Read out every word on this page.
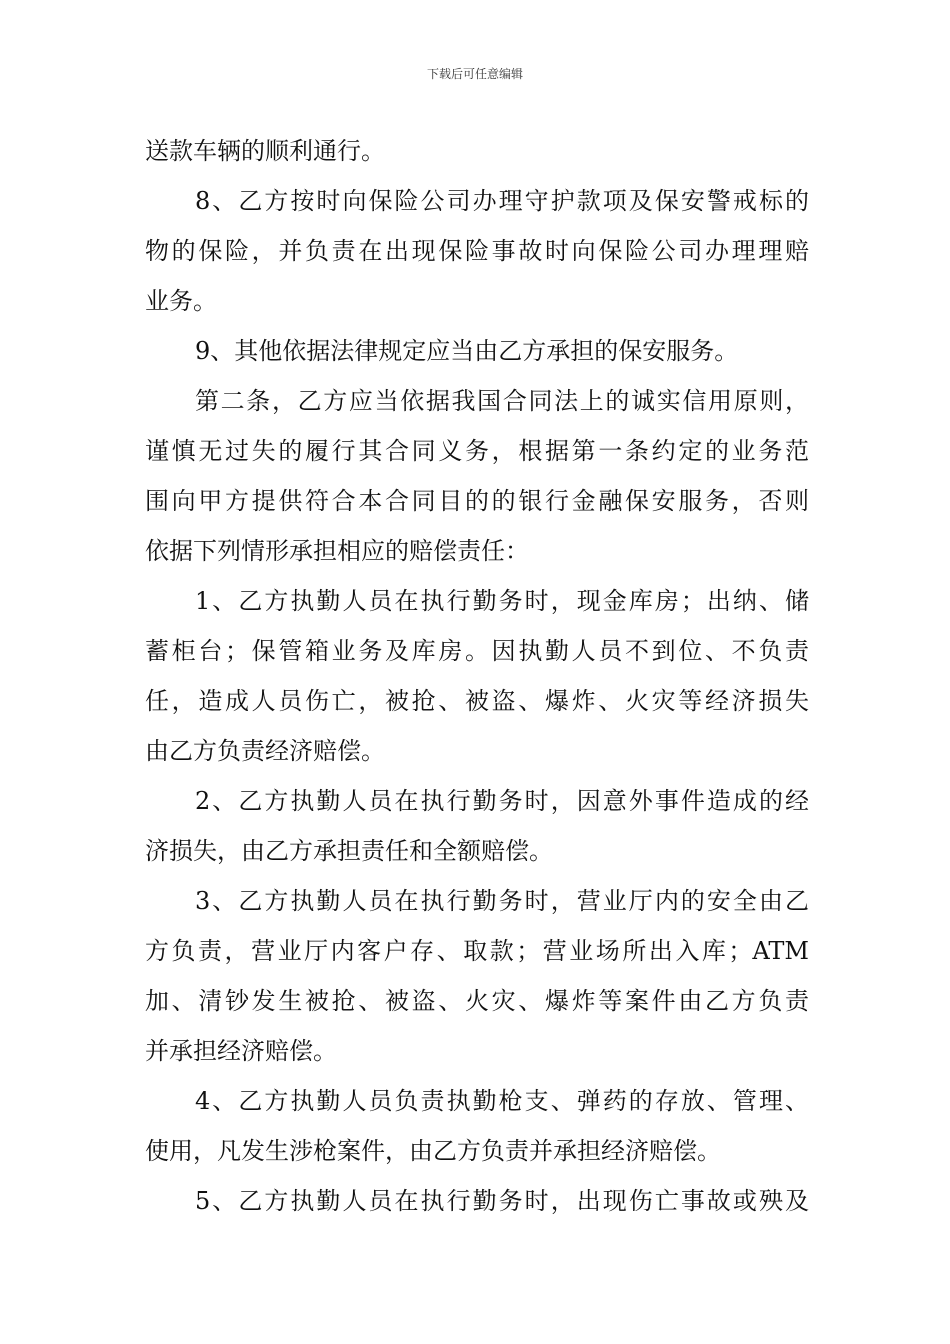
下载后可任意编辑
送款车辆的顺利通行。
8、乙方按时向保险公司办理守护款项及保安警戒标的
物的保险，并负责在出现保险事故时向保险公司办理理赔
业务。
9、其他依据法律规定应当由乙方承担的保安服务。
第二条，乙方应当依据我国合同法上的诚实信用原则，
谨慎无过失的履行其合同义务，根据第一条约定的业务范
围向甲方提供符合本合同目的的银行金融保安服务，否则
依据下列情形承担相应的赔偿责任：
1、乙方执勤人员在执行勤务时，现金库房；出纳、储
蓄柜台；保管箱业务及库房。因执勤人员不到位、不负责
任，造成人员伤亡，被抢、被盗、爆炸、火灾等经济损失
由乙方负责经济赔偿。
2、乙方执勤人员在执行勤务时，因意外事件造成的经
济损失，由乙方承担责任和全额赔偿。
3、乙方执勤人员在执行勤务时，营业厅内的安全由乙
方负责，营业厅内客户存、取款；营业场所出入库；ATM
加、清钞发生被抢、被盗、火灾、爆炸等案件由乙方负责
并承担经济赔偿。
4、乙方执勤人员负责执勤枪支、弹药的存放、管理、
使用，凡发生涉枪案件，由乙方负责并承担经济赔偿。
5、乙方执勤人员在执行勤务时，出现伤亡事故或殃及
